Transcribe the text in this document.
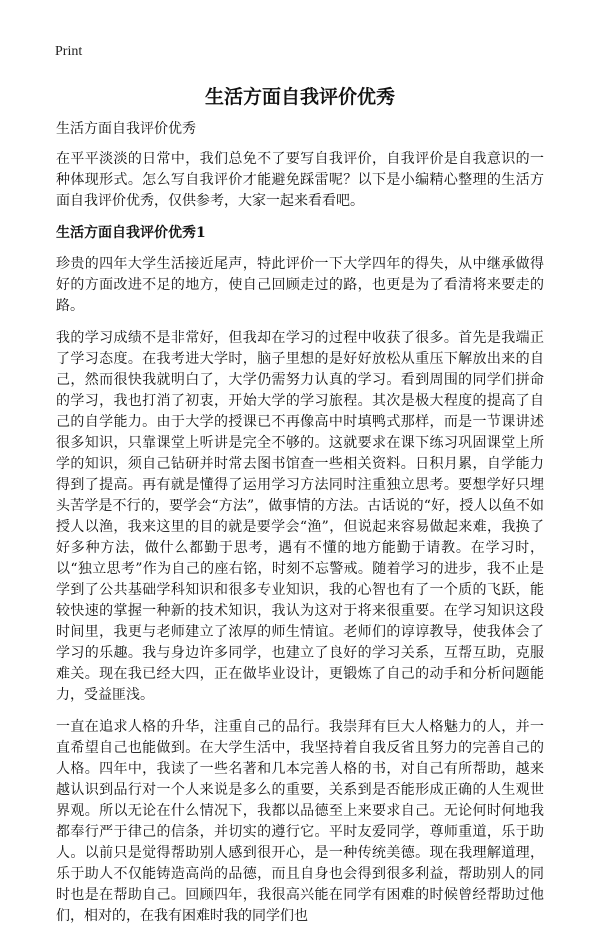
Print
生活方面自我评价优秀

生活方面自我评价优秀

在平平淡淡的日常中，我们总免不了要写自我评价，自我评价是自我意识的一种体现形式。怎么写自我评价才能避免踩雷呢？以下是小编精心整理的生活方面自我评价优秀，仅供参考，大家一起来看看吧。

生活方面自我评价优秀1

珍贵的四年大学生活接近尾声，特此评价一下大学四年的得失，从中继承做得好的方面改进不足的地方，使自己回顾走过的路，也更是为了看清将来要走的路。

我的学习成绩不是非常好，但我却在学习的过程中收获了很多。首先是我端正了学习态度。在我考进大学时，脑子里想的是好好放松从重压下解放出来的自己，然而很快我就明白了，大学仍需努力认真的学习。看到周围的同学们拼命的学习，我也打消了初衷，开始大学的学习旅程。其次是极大程度的提高了自己的自学能力。由于大学的授课已不再像高中时填鸭式那样，而是一节课讲述很多知识，只靠课堂上听讲是完全不够的。这就要求在课下练习巩固课堂上所学的知识，须自己钻研并时常去图书馆查一些相关资料。日积月累，自学能力得到了提高。再有就是懂得了运用学习方法同时注重独立思考。要想学好只埋头苦学是不行的，要学会“方法”，做事情的方法。古话说的“好，授人以鱼不如授人以渔，我来这里的目的就是要学会“渔”，但说起来容易做起来难，我换了好多种方法，做什么都勤于思考，遇有不懂的地方能勤于请教。在学习时，以“独立思考”作为自己的座右铭，时刻不忘警戒。随着学习的进步，我不止是学到了公共基础学科知识和很多专业知识，我的心智也有了一个质的飞跃，能较快速的掌握一种新的技术知识，我认为这对于将来很重要。在学习知识这段时间里，我更与老师建立了浓厚的师生情谊。老师们的谆谆教导，使我体会了学习的乐趣。我与身边许多同学，也建立了良好的学习关系，互帮互助，克服难关。现在我已经大四，正在做毕业设计，更锻炼了自己的动手和分析问题能力，受益匪浅。

一直在追求人格的升华，注重自己的品行。我崇拜有巨大人格魅力的人，并一直希望自己也能做到。在大学生活中，我坚持着自我反省且努力的完善自己的人格。四年中，我读了一些名著和几本完善人格的书，对自己有所帮助，越来越认识到品行对一个人来说是多么的重要，关系到是否能形成正确的人生观世界观。所以无论在什么情况下，我都以品德至上来要求自己。无论何时何地我都奉行严于律己的信条，并切实的遵行它。平时友爱同学，尊师重道，乐于助人。以前只是觉得帮助别人感到很开心，是一种传统美德。现在我理解道理，乐于助人不仅能铸造高尚的品德，而且自身也会得到很多利益，帮助别人的同时也是在帮助自己。回顾四年，我很高兴能在同学有困难的时候曾经帮助过他们，相对的，在我有困难时我的同学们也
